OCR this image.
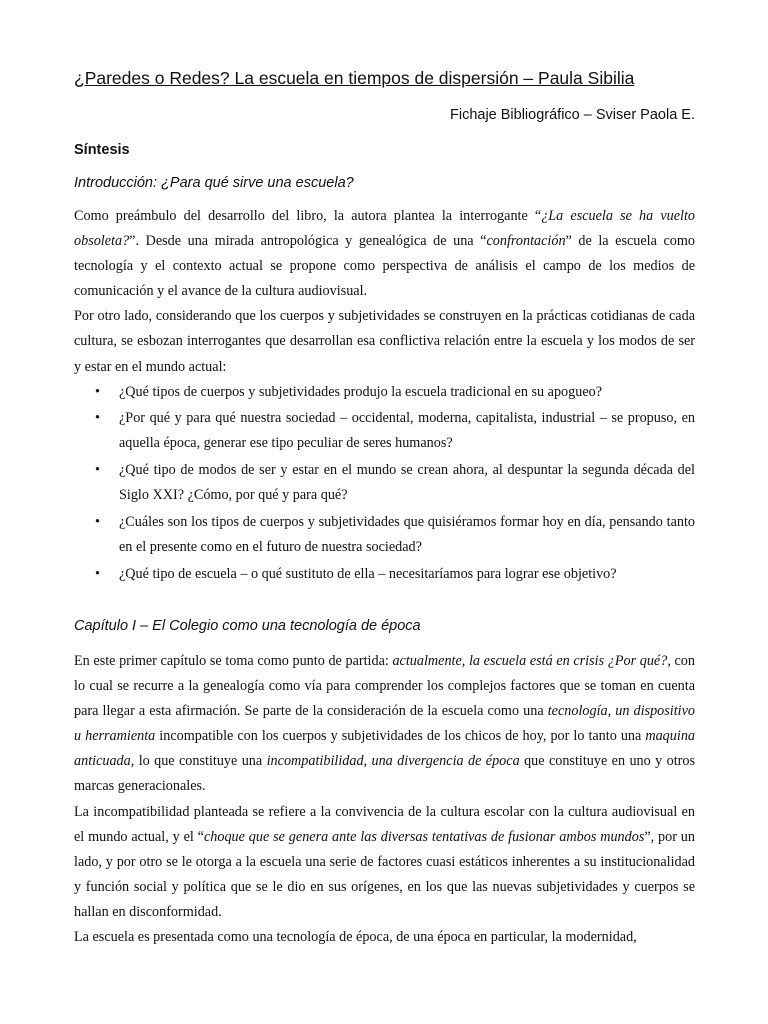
¿Paredes o Redes? La escuela en tiempos de dispersión – Paula Sibilia
Fichaje Bibliográfico – Sviser Paola E.
Síntesis
Introducción: ¿Para qué sirve una escuela?

Como preámbulo del desarrollo del libro, la autora plantea la interrogante “¿La escuela se ha vuelto obsoleta?”. Desde una mirada antropológica y genealógica de una “confrontación” de la escuela como tecnología y el contexto actual se propone como perspectiva de análisis el campo de los medios de comunicación y el avance de la cultura audiovisual.

Por otro lado, considerando que los cuerpos y subjetividades se construyen en la prácticas cotidianas de cada cultura, se esbozan interrogantes que desarrollan esa conflictiva relación entre la escuela y los modos de ser y estar en el mundo actual:

• ¿Qué tipos de cuerpos y subjetividades produjo la escuela tradicional en su apogueo?
• ¿Por qué y para qué nuestra sociedad – occidental, moderna, capitalista, industrial – se propuso, en aquella época, generar ese tipo peculiar de seres humanos?
• ¿Qué tipo de modos de ser y estar en el mundo se crean ahora, al despuntar la segunda década del Siglo XXI? ¿Cómo, por qué y para qué?
• ¿Cuáles son los tipos de cuerpos y subjetividades que quisiéramos formar hoy en día, pensando tanto en el presente como en el futuro de nuestra sociedad?
• ¿Qué tipo de escuela – o qué sustituto de ella – necesitaríamos para lograr ese objetivo?
Capítulo I – El Colegio como una tecnología de época

En este primer capítulo se toma como punto de partida: actualmente, la escuela está en crisis ¿Por qué?, con lo cual se recurre a la genealogía como vía para comprender los complejos factores que se toman en cuenta para llegar a esta afirmación. Se parte de la consideración de la escuela como una tecnología, un dispositivo u herramienta incompatible con los cuerpos y subjetividades de los chicos de hoy, por lo tanto una maquina anticuada, lo que constituye una incompatibilidad, una divergencia de época que constituye en uno y otros marcas generacionales.

La incompatibilidad planteada se refiere a la convivencia de la cultura escolar con la cultura audiovisual en el mundo actual, y el “choque que se genera ante las diversas tentativas de fusionar ambos mundos”, por un lado, y por otro se le otorga a la escuela una serie de factores cuasi estáticos inherentes a su institucionalidad y función social y política que se le dio en sus orígenes, en los que las nuevas subjetividades y cuerpos se hallan en disconformidad.

La escuela es presentada como una tecnología de época, de una época en particular, la modernidad,
